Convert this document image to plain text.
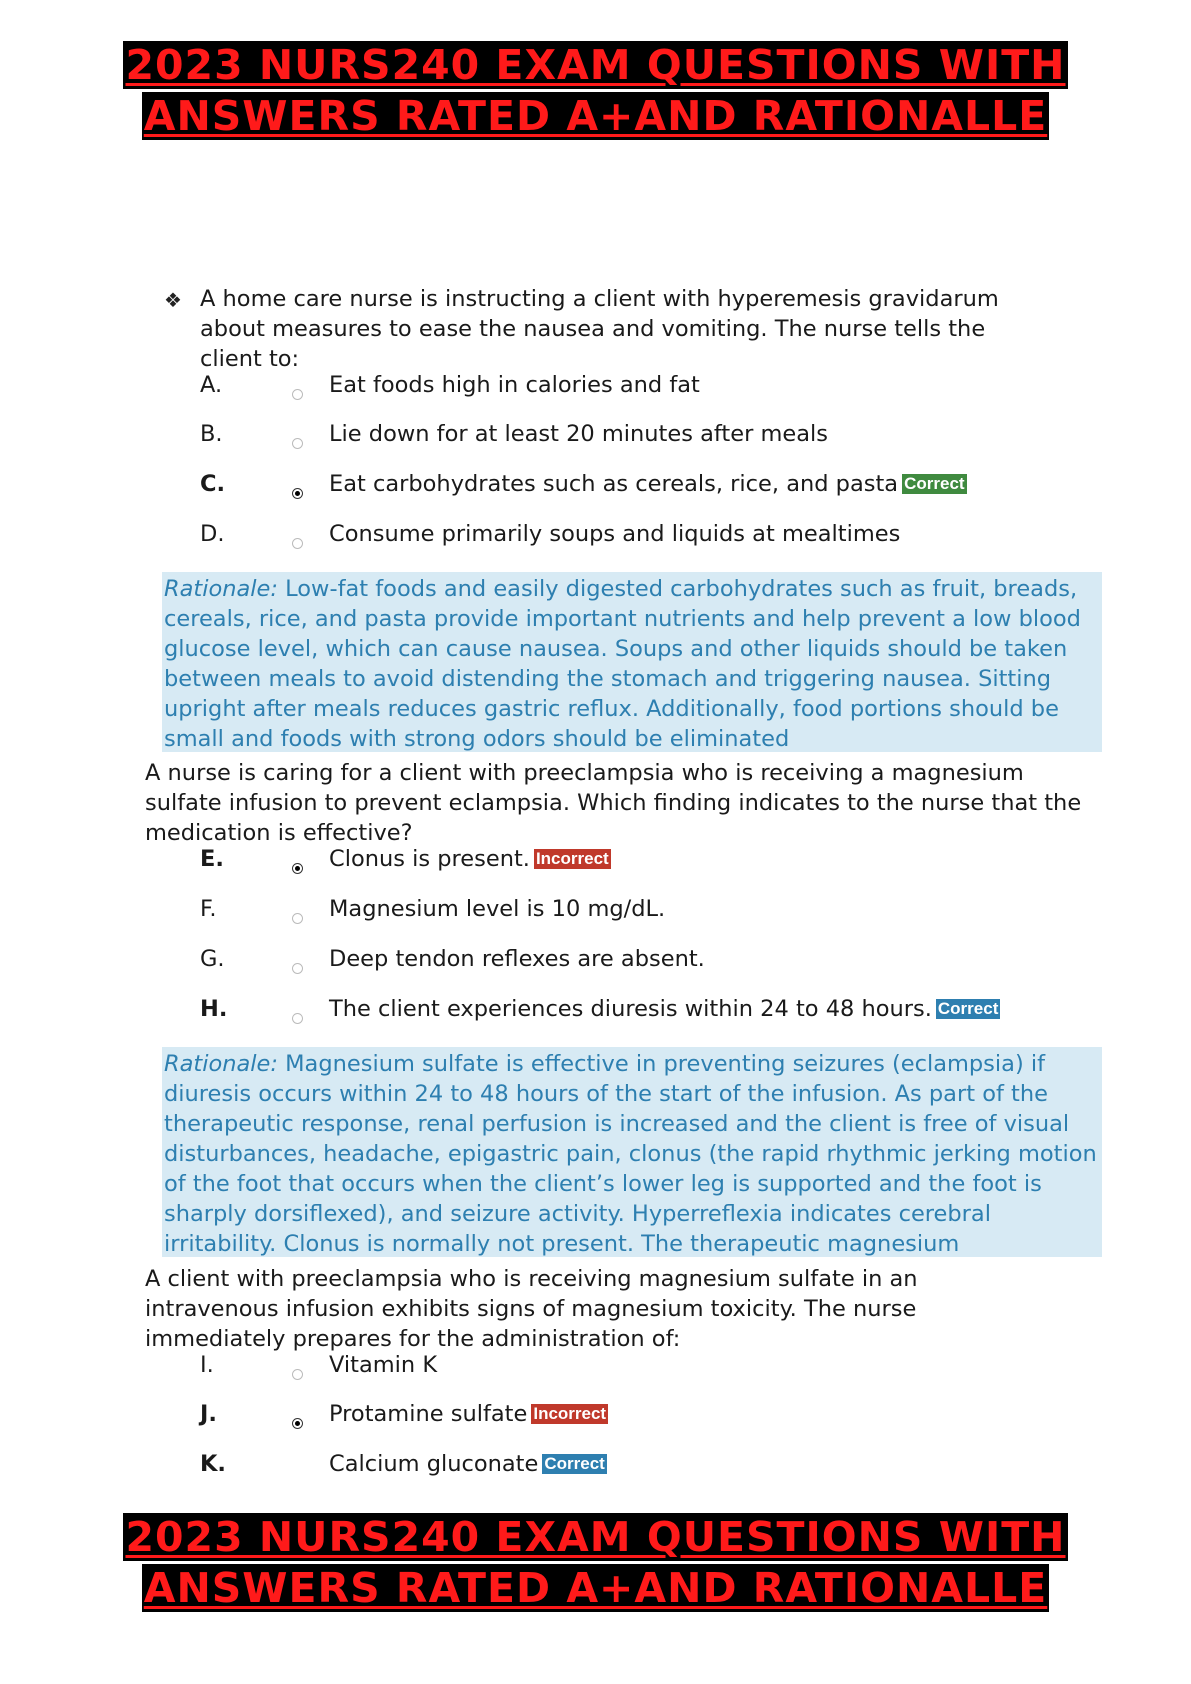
2023 NURS240 EXAM QUESTIONS WITH
ANSWERS RATED A+AND RATIONALLE
❖ A home care nurse is instructing a client with hyperemesis gravidarum about measures to ease the nausea and vomiting. The nurse tells the client to:
A.	Eat foods high in calories and fat
B.	Lie down for at least 20 minutes after meals
C.	Eat carbohydrates such as cereals, rice, and pasta Correct
D.	Consume primarily soups and liquids at mealtimes
Rationale: Low-fat foods and easily digested carbohydrates such as fruit, breads, cereals, rice, and pasta provide important nutrients and help prevent a low blood glucose level, which can cause nausea. Soups and other liquids should be taken between meals to avoid distending the stomach and triggering nausea. Sitting upright after meals reduces gastric reflux. Additionally, food portions should be small and foods with strong odors should be eliminated
A nurse is caring for a client with preeclampsia who is receiving a magnesium sulfate infusion to prevent eclampsia. Which finding indicates to the nurse that the medication is effective?
E.	Clonus is present. Incorrect
F.	Magnesium level is 10 mg/dL.
G.	Deep tendon reflexes are absent.
H.	The client experiences diuresis within 24 to 48 hours. Correct
Rationale: Magnesium sulfate is effective in preventing seizures (eclampsia) if diuresis occurs within 24 to 48 hours of the start of the infusion. As part of the therapeutic response, renal perfusion is increased and the client is free of visual disturbances, headache, epigastric pain, clonus (the rapid rhythmic jerking motion of the foot that occurs when the client’s lower leg is supported and the foot is sharply dorsiflexed), and seizure activity. Hyperreflexia indicates cerebral irritability. Clonus is normally not present. The therapeutic magnesium
A client with preeclampsia who is receiving magnesium sulfate in an intravenous infusion exhibits signs of magnesium toxicity. The nurse immediately prepares for the administration of:
I.	Vitamin K
J.	Protamine sulfate Incorrect
K.	Calcium gluconate Correct
2023 NURS240 EXAM QUESTIONS WITH
ANSWERS RATED A+AND RATIONALLE
